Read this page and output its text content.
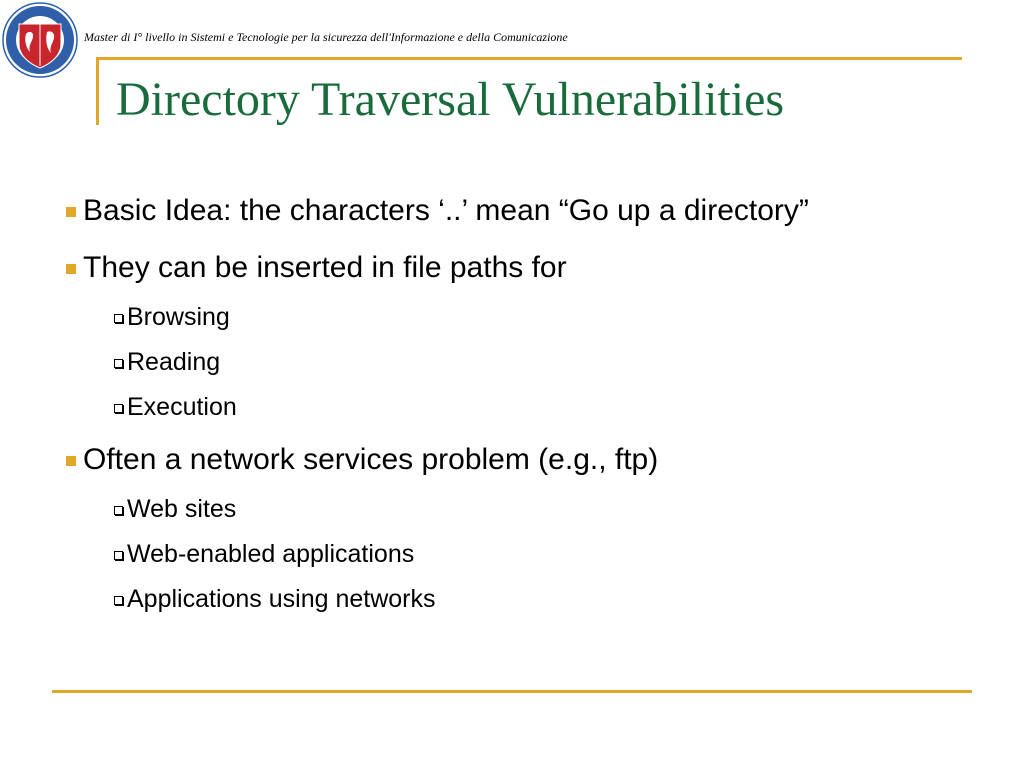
Master di I° livello in Sistemi e Tecnologie per la sicurezza dell'Informazione e della Comunicazione
Directory Traversal Vulnerabilities
Basic Idea: the characters ‘..’ mean “Go up a directory”
They can be inserted in file paths for
Browsing
Reading
Execution
Often a network services problem (e.g., ftp)
Web sites
Web-enabled applications
Applications using networks
